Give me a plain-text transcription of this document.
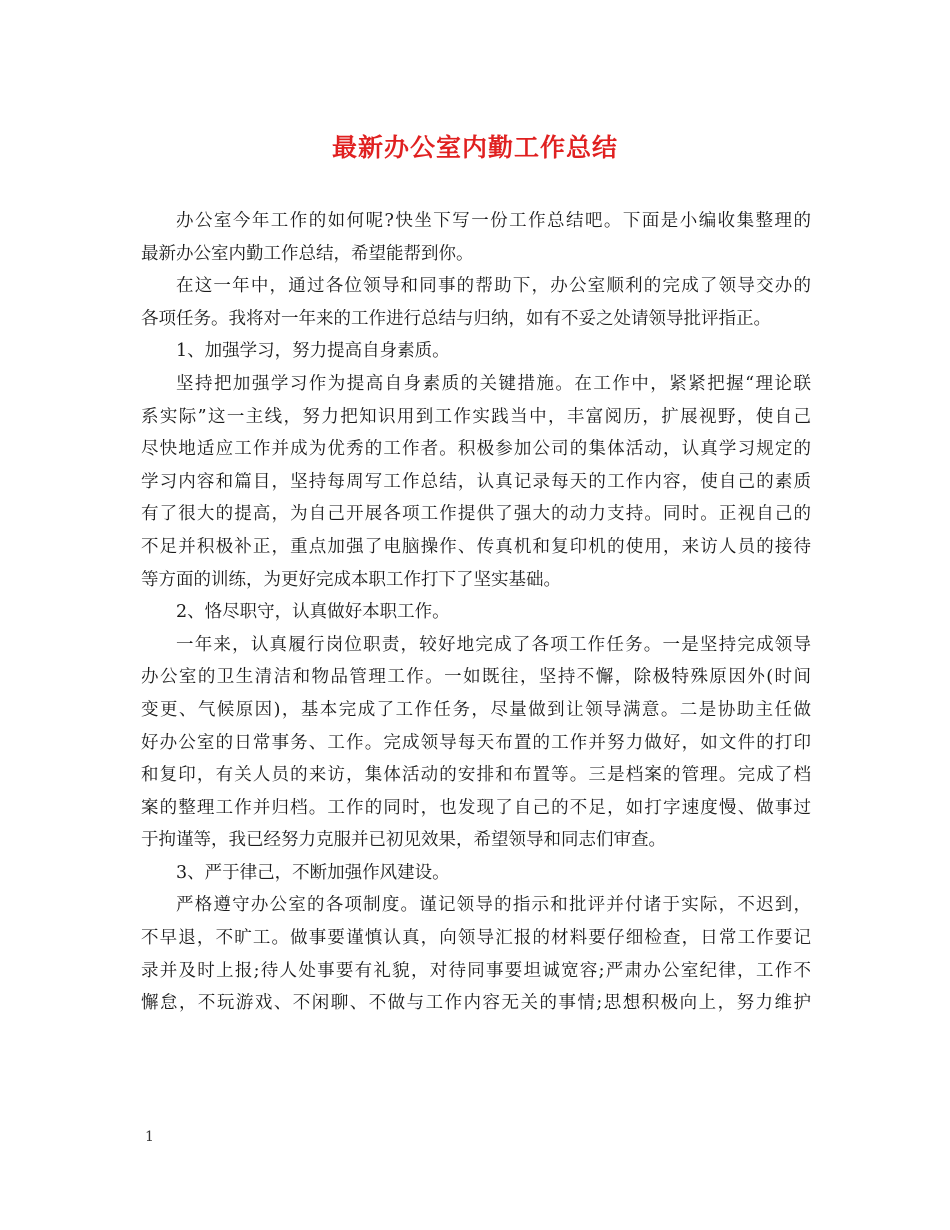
最新办公室内勤工作总结
办公室今年工作的如何呢?快坐下写一份工作总结吧。下面是小编收集整理的
最新办公室内勤工作总结，希望能帮到你。
在这一年中，通过各位领导和同事的帮助下，办公室顺利的完成了领导交办的
各项任务。我将对一年来的工作进行总结与归纳，如有不妥之处请领导批评指正。
1、加强学习，努力提高自身素质。
坚持把加强学习作为提高自身素质的关键措施。在工作中，紧紧把握“理论联
系实际”这一主线，努力把知识用到工作实践当中，丰富阅历，扩展视野，使自己
尽快地适应工作并成为优秀的工作者。积极参加公司的集体活动，认真学习规定的
学习内容和篇目，坚持每周写工作总结，认真记录每天的工作内容，使自己的素质
有了很大的提高，为自己开展各项工作提供了强大的动力支持。同时。正视自己的
不足并积极补正，重点加强了电脑操作、传真机和复印机的使用，来访人员的接待
等方面的训练，为更好完成本职工作打下了坚实基础。
2、恪尽职守，认真做好本职工作。
一年来，认真履行岗位职责，较好地完成了各项工作任务。一是坚持完成领导
办公室的卫生清洁和物品管理工作。一如既往，坚持不懈，除极特殊原因外(时间
变更、气候原因)，基本完成了工作任务，尽量做到让领导满意。二是协助主任做
好办公室的日常事务、工作。完成领导每天布置的工作并努力做好，如文件的打印
和复印，有关人员的来访，集体活动的安排和布置等。三是档案的管理。完成了档
案的整理工作并归档。工作的同时，也发现了自己的不足，如打字速度慢、做事过
于拘谨等，我已经努力克服并已初见效果，希望领导和同志们审查。
3、严于律己，不断加强作风建设。
严格遵守办公室的各项制度。谨记领导的指示和批评并付诸于实际，不迟到，
不早退，不旷工。做事要谨慎认真，向领导汇报的材料要仔细检查，日常工作要记
录并及时上报;待人处事要有礼貌，对待同事要坦诚宽容;严肃办公室纪律，工作不
懈怠，不玩游戏、不闲聊、不做与工作内容无关的事情;思想积极向上，努力维护
1
